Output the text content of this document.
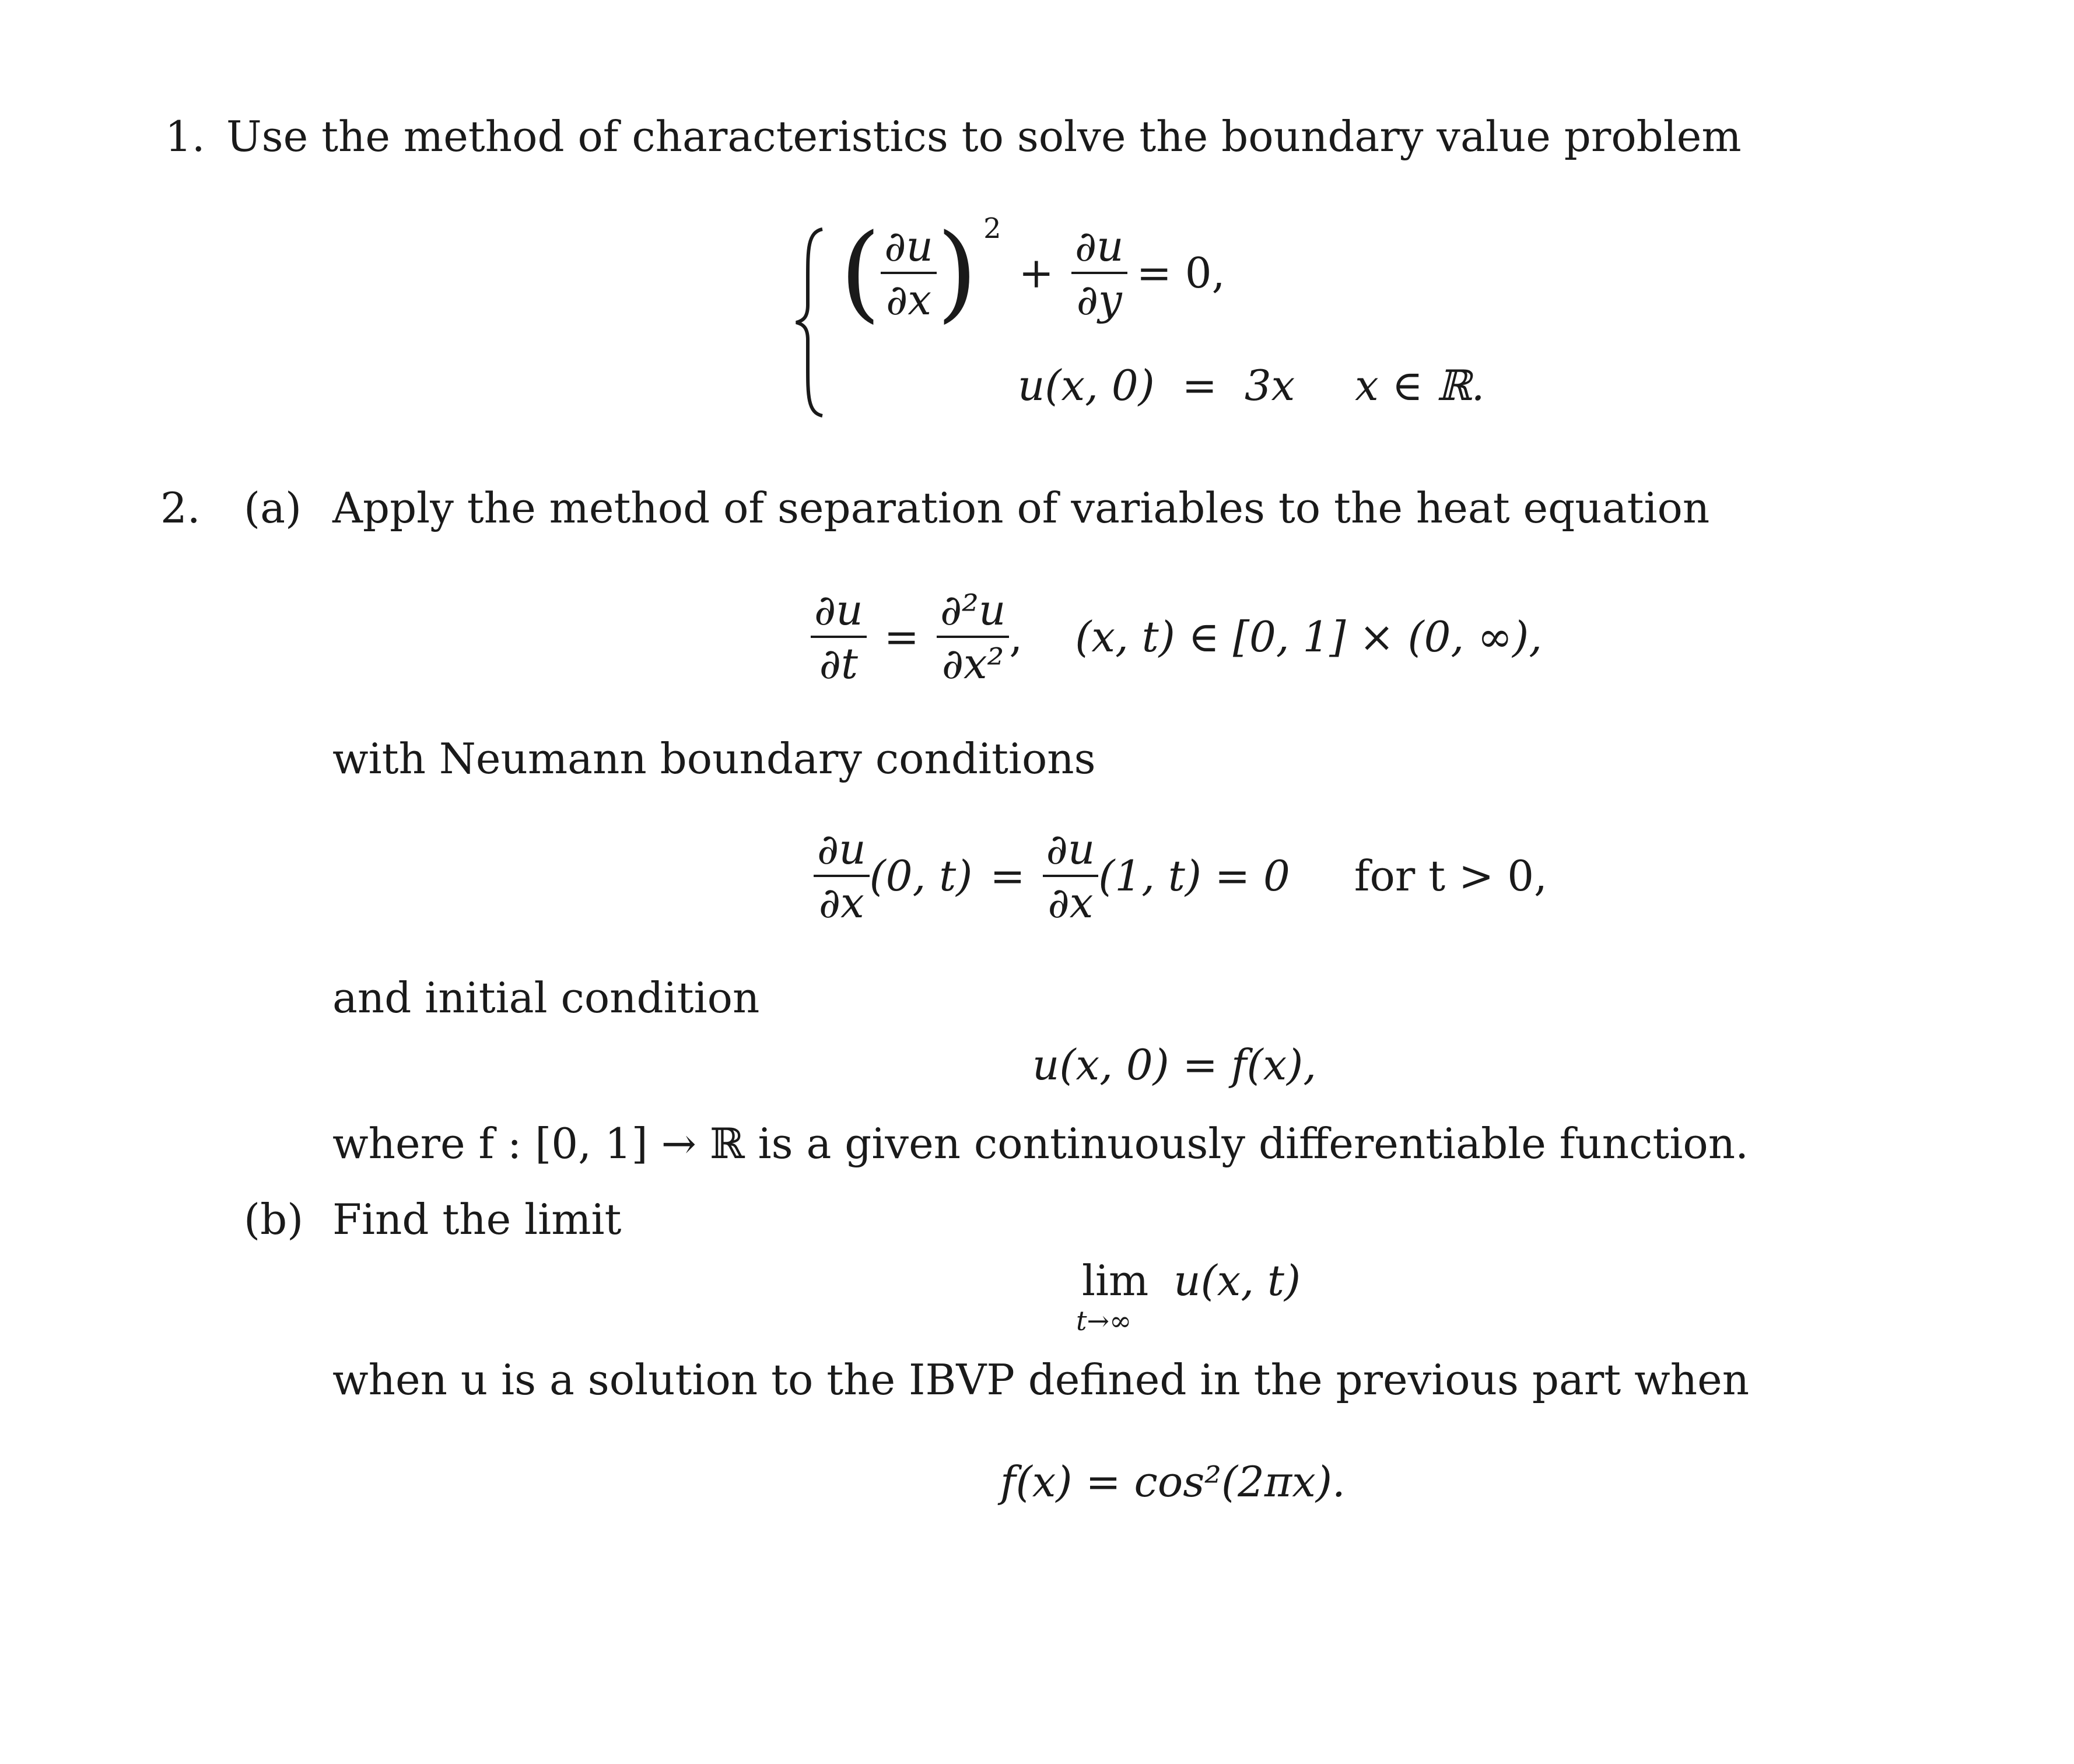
1. Use the method of characteristics to solve the boundary value problem
( $\frac{\partial u}{\partial x}$ ) 2
+ $\frac{\partial u}{\partial y} = 0$,
u(x, 0) = 3x x ∈ ℝ.
2. (a) Apply the method of separation of variables to the heat equation
$\frac{\partial u}{\partial t} = \frac{\text{∂²u}}{\text{∂x²}}$ , (x, t) ∈ [0, 1] × (0, ∞),
with Neumann boundary conditions
$\frac{\partial u}{\partial x} (0$, $t) = \frac{\partial u}{\partial x} (1$, t) = 0 for t > 0,
and initial condition
u(x, 0) = f(x),
where f : [0, 1] → ℝ is a given continuously differentiable function.
(b) Find the limit
lim u(x, t)
t→∞
when u is a solution to the IBVP defined in the previous part when
f(x) = cos²(2πx).
